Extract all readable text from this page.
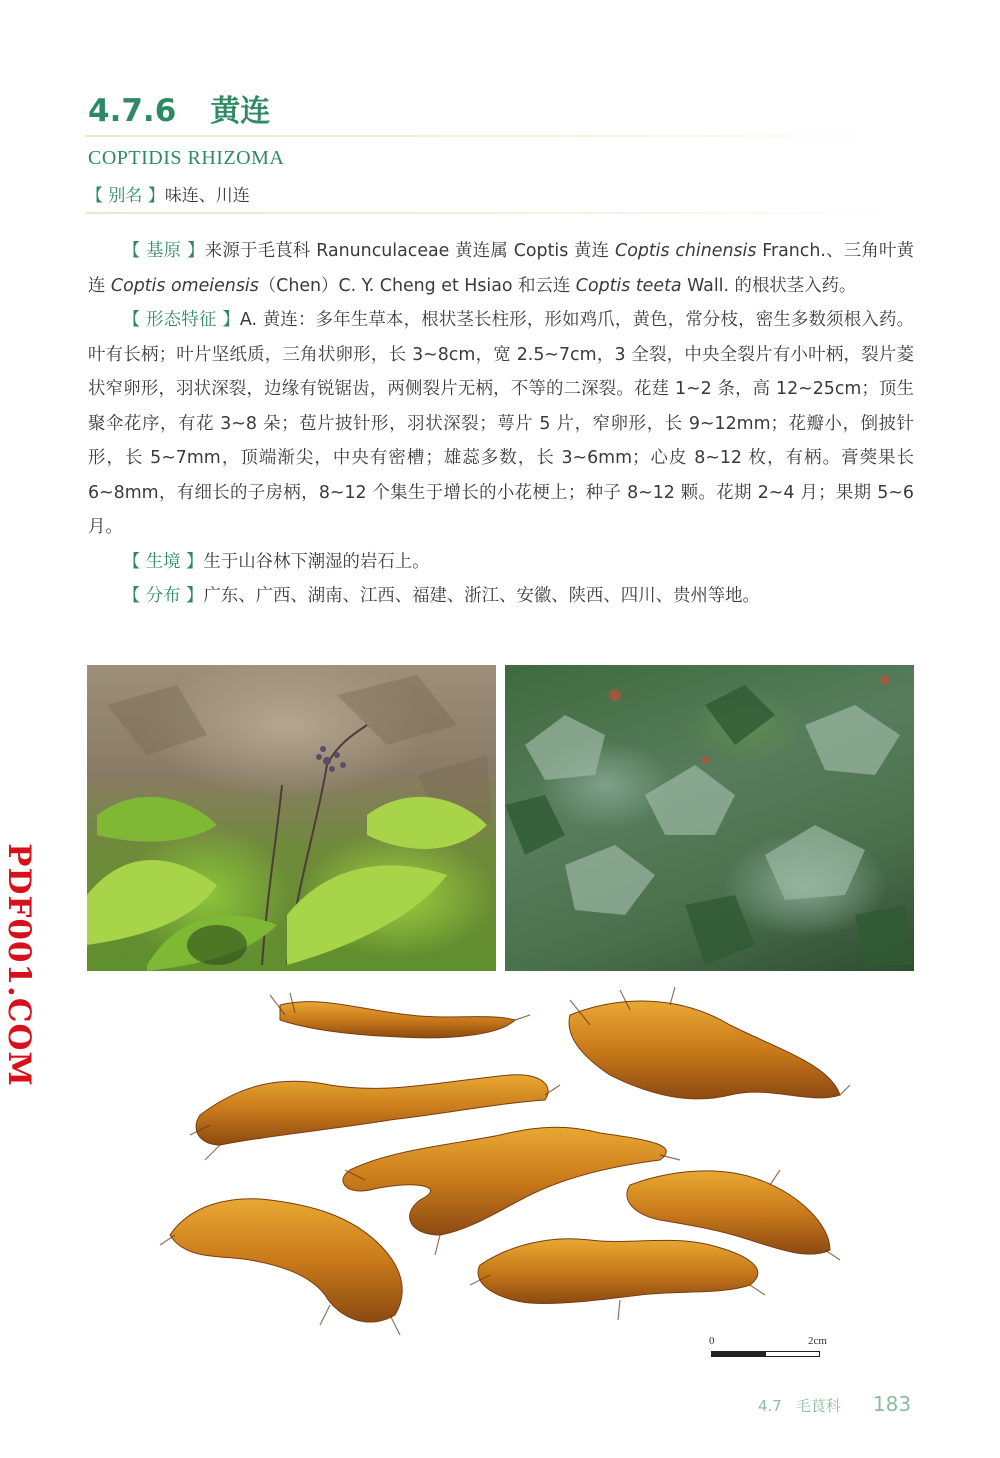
PDF001.COM
4.7.6 黄连
COPTIDIS RHIZOMA
【 别名 】味连、川连

【 基原 】来源于毛茛科 Ranunculaceae 黄连属 Coptis 黄连 Coptis chinensis Franch.、三角叶黄连 Coptis omeiensis（Chen）C. Y. Cheng et Hsiao 和云连 Coptis teeta Wall. 的根状茎入药。

【 形态特征 】A. 黄连：多年生草本，根状茎长柱形，形如鸡爪，黄色，常分枝，密生多数须根入药。叶有长柄；叶片坚纸质，三角状卵形，长 3~8cm，宽 2.5~7cm，3 全裂，中央全裂片有小叶柄，裂片菱状窄卵形，羽状深裂，边缘有锐锯齿，两侧裂片无柄，不等的二深裂。花莛 1~2 条，高 12~25cm；顶生聚伞花序，有花 3~8 朵；苞片披针形，羽状深裂；萼片 5 片，窄卵形，长 9~12mm；花瓣小，倒披针形，长 5~7mm，顶端渐尖，中央有密槽；雄蕊多数，长 3~6mm；心皮 8~12 枚，有柄。膏葖果长 6~8mm，有细长的子房柄，8~12 个集生于增长的小花梗上；种子 8~12 颗。花期 2~4 月；果期 5~6 月。

【 生境 】生于山谷林下潮湿的岩石上。

【 分布 】广东、广西、湖南、江西、福建、浙江、安徽、陕西、四川、贵州等地。

0	2cm
4.7 毛茛科 183
